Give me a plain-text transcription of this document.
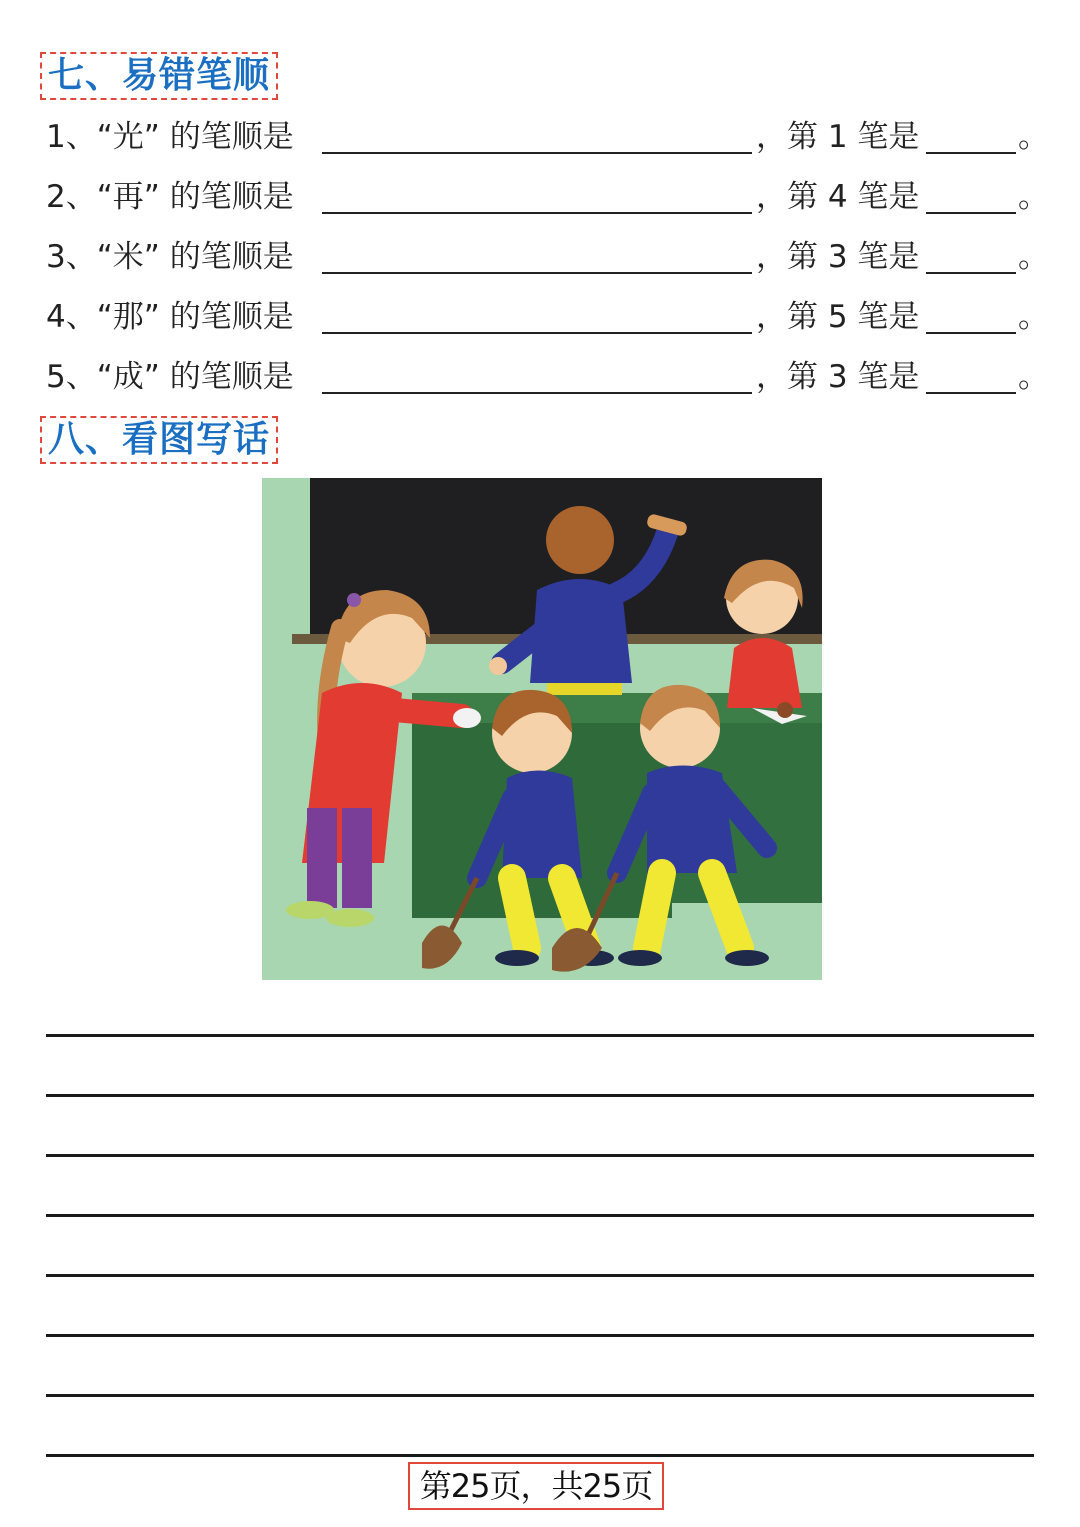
七、易错笔顺
1、“光” 的笔顺是	，第 1 笔是	。
2、“再” 的笔顺是	，第 4 笔是	。
3、“米” 的笔顺是	，第 3 笔是	。
4、“那” 的笔顺是	，第 5 笔是	。
5、“成” 的笔顺是	，第 3 笔是	。
八、看图写话
第25页，共25页
